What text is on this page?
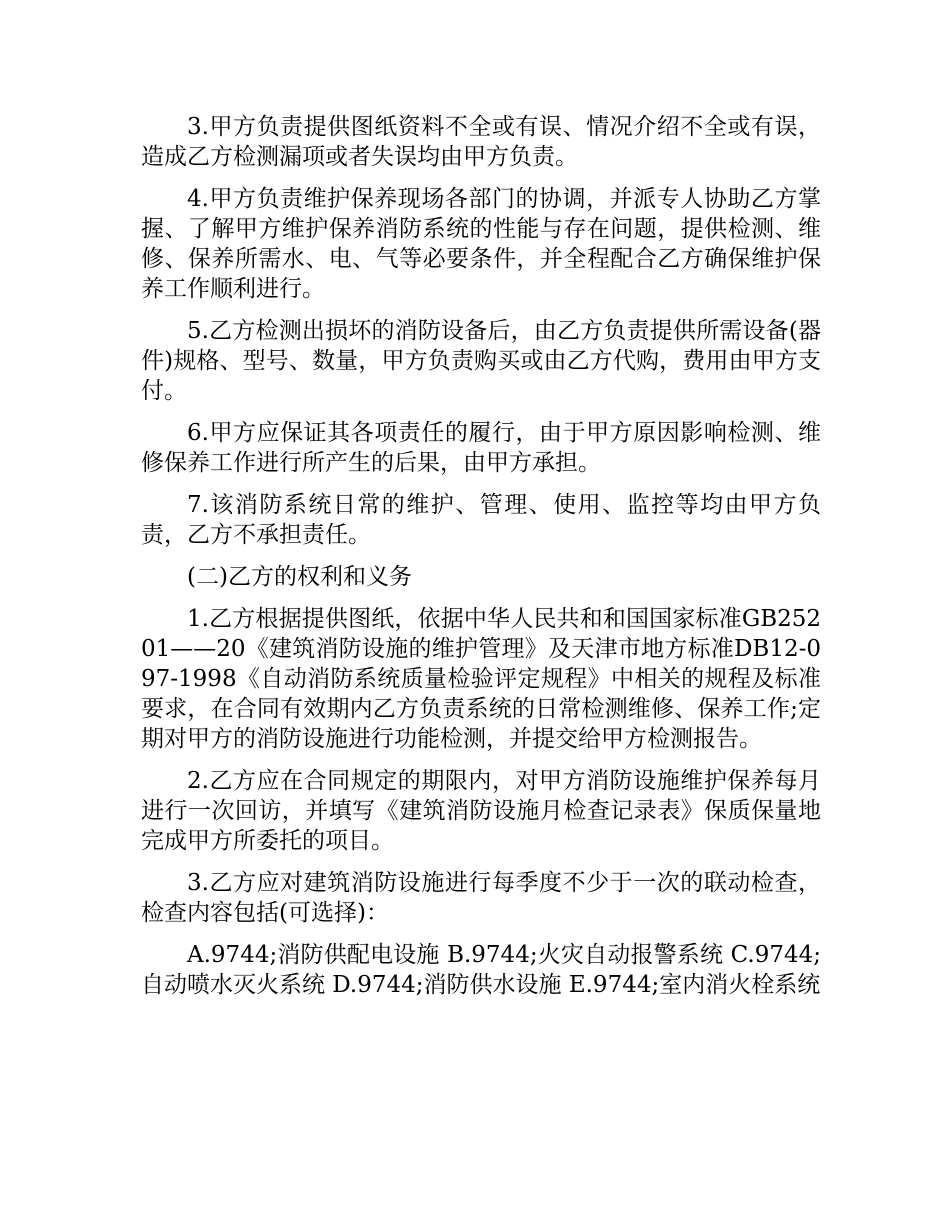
3.甲方负责提供图纸资料不全或有误、情况介绍不全或有误，造成乙方检测漏项或者失误均由甲方负责。

4.甲方负责维护保养现场各部门的协调，并派专人协助乙方掌握、了解甲方维护保养消防系统的性能与存在问题，提供检测、维修、保养所需水、电、气等必要条件，并全程配合乙方确保维护保养工作顺利进行。

5.乙方检测出损坏的消防设备后，由乙方负责提供所需设备(器件)规格、型号、数量，甲方负责购买或由乙方代购，费用由甲方支付。

6.甲方应保证其各项责任的履行，由于甲方原因影响检测、维修保养工作进行所产生的后果，由甲方承担。

7.该消防系统日常的维护、管理、使用、监控等均由甲方负责，乙方不承担责任。

(二)乙方的权利和义务

1.乙方根据提供图纸，依据中华人民共和和国国家标准GB25201——20《建筑消防设施的维护管理》及天津市地方标准DB12-097-1998《自动消防系统质量检验评定规程》中相关的规程及标准要求，在合同有效期内乙方负责系统的日常检测维修、保养工作;定期对甲方的消防设施进行功能检测，并提交给甲方检测报告。

2.乙方应在合同规定的期限内，对甲方消防设施维护保养每月进行一次回访，并填写《建筑消防设施月检查记录表》保质保量地完成甲方所委托的项目。

3.乙方应对建筑消防设施进行每季度不少于一次的联动检查，检查内容包括(可选择)：

A.9744;消防供配电设施 B.9744;火灾自动报警系统 C.9744;自动喷水灭火系统 D.9744;消防供水设施 E.9744;室内消火栓系统
